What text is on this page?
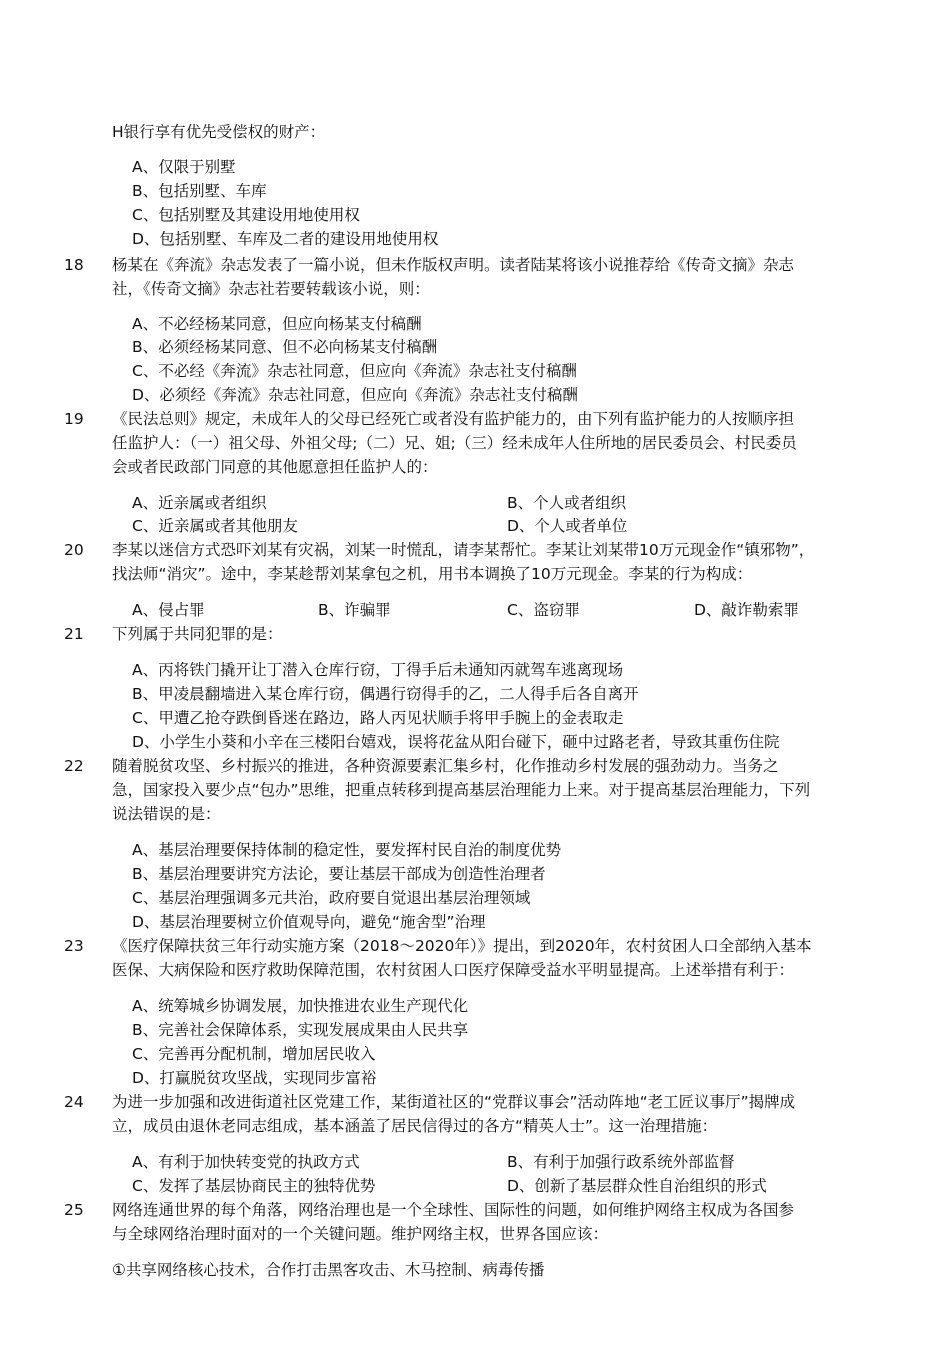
H银行享有优先受偿权的财产：
A、仅限于别墅
B、包括别墅、车库
C、包括别墅及其建设用地使用权
D、包括别墅、车库及二者的建设用地使用权
18 杨某在《奔流》杂志发表了一篇小说，但未作版权声明。读者陆某将该小说推荐给《传奇文摘》杂志
社，《传奇文摘》杂志社若要转载该小说，则：
A、不必经杨某同意，但应向杨某支付稿酬
B、必须经杨某同意、但不必向杨某支付稿酬
C、不必经《奔流》杂志社同意，但应向《奔流》杂志社支付稿酬
D、必须经《奔流》杂志社同意，但应向《奔流》杂志社支付稿酬
19 《民法总则》规定，未成年人的父母已经死亡或者没有监护能力的，由下列有监护能力的人按顺序担
任监护人：（一）祖父母、外祖父母;（二）兄、姐;（三）经未成年人住所地的居民委员会、村民委员
会或者民政部门同意的其他愿意担任监护人的：
A、近亲属或者组织	B、个人或者组织
C、近亲属或者其他朋友	D、个人或者单位
20 李某以迷信方式恐吓刘某有灾祸，刘某一时慌乱，请李某帮忙。李某让刘某带10万元现金作“镇邪物”，
找法师“消灾”。途中，李某趁帮刘某拿包之机，用书本调换了10万元现金。李某的行为构成：
A、侵占罪	B、诈骗罪	C、盗窃罪	D、敲诈勒索罪
21 下列属于共同犯罪的是：
A、丙将铁门撬开让丁潜入仓库行窃，丁得手后未通知丙就驾车逃离现场
B、甲凌晨翻墙进入某仓库行窃，偶遇行窃得手的乙，二人得手后各自离开
C、甲遭乙抢夺跌倒昏迷在路边，路人丙见状顺手将甲手腕上的金表取走
D、小学生小葵和小辛在三楼阳台嬉戏，误将花盆从阳台碰下，砸中过路老者，导致其重伤住院
22 随着脱贫攻坚、乡村振兴的推进，各种资源要素汇集乡村，化作推动乡村发展的强劲动力。当务之
急，国家投入要少点“包办”思维，把重点转移到提高基层治理能力上来。对于提高基层治理能力，下列
说法错误的是：
A、基层治理要保持体制的稳定性，要发挥村民自治的制度优势
B、基层治理要讲究方法论，要让基层干部成为创造性治理者
C、基层治理强调多元共治，政府要自觉退出基层治理领域
D、基层治理要树立价值观导向，避免“施舍型”治理
23 《医疗保障扶贫三年行动实施方案（2018～2020年）》提出，到2020年，农村贫困人口全部纳入基本
医保、大病保险和医疗救助保障范围，农村贫困人口医疗保障受益水平明显提高。上述举措有利于：
A、统筹城乡协调发展，加快推进农业生产现代化
B、完善社会保障体系，实现发展成果由人民共享
C、完善再分配机制，增加居民收入
D、打赢脱贫攻坚战，实现同步富裕
24 为进一步加强和改进街道社区党建工作，某街道社区的“党群议事会”活动阵地“老工匠议事厅”揭牌成
立，成员由退休老同志组成，基本涵盖了居民信得过的各方“精英人士”。这一治理措施：
A、有利于加快转变党的执政方式	B、有利于加强行政系统外部监督
C、发挥了基层协商民主的独特优势	D、创新了基层群众性自治组织的形式
25 网络连通世界的每个角落，网络治理也是一个全球性、国际性的问题，如何维护网络主权成为各国参
与全球网络治理时面对的一个关键问题。维护网络主权，世界各国应该：
①共享网络核心技术，合作打击黑客攻击、木马控制、病毒传播
